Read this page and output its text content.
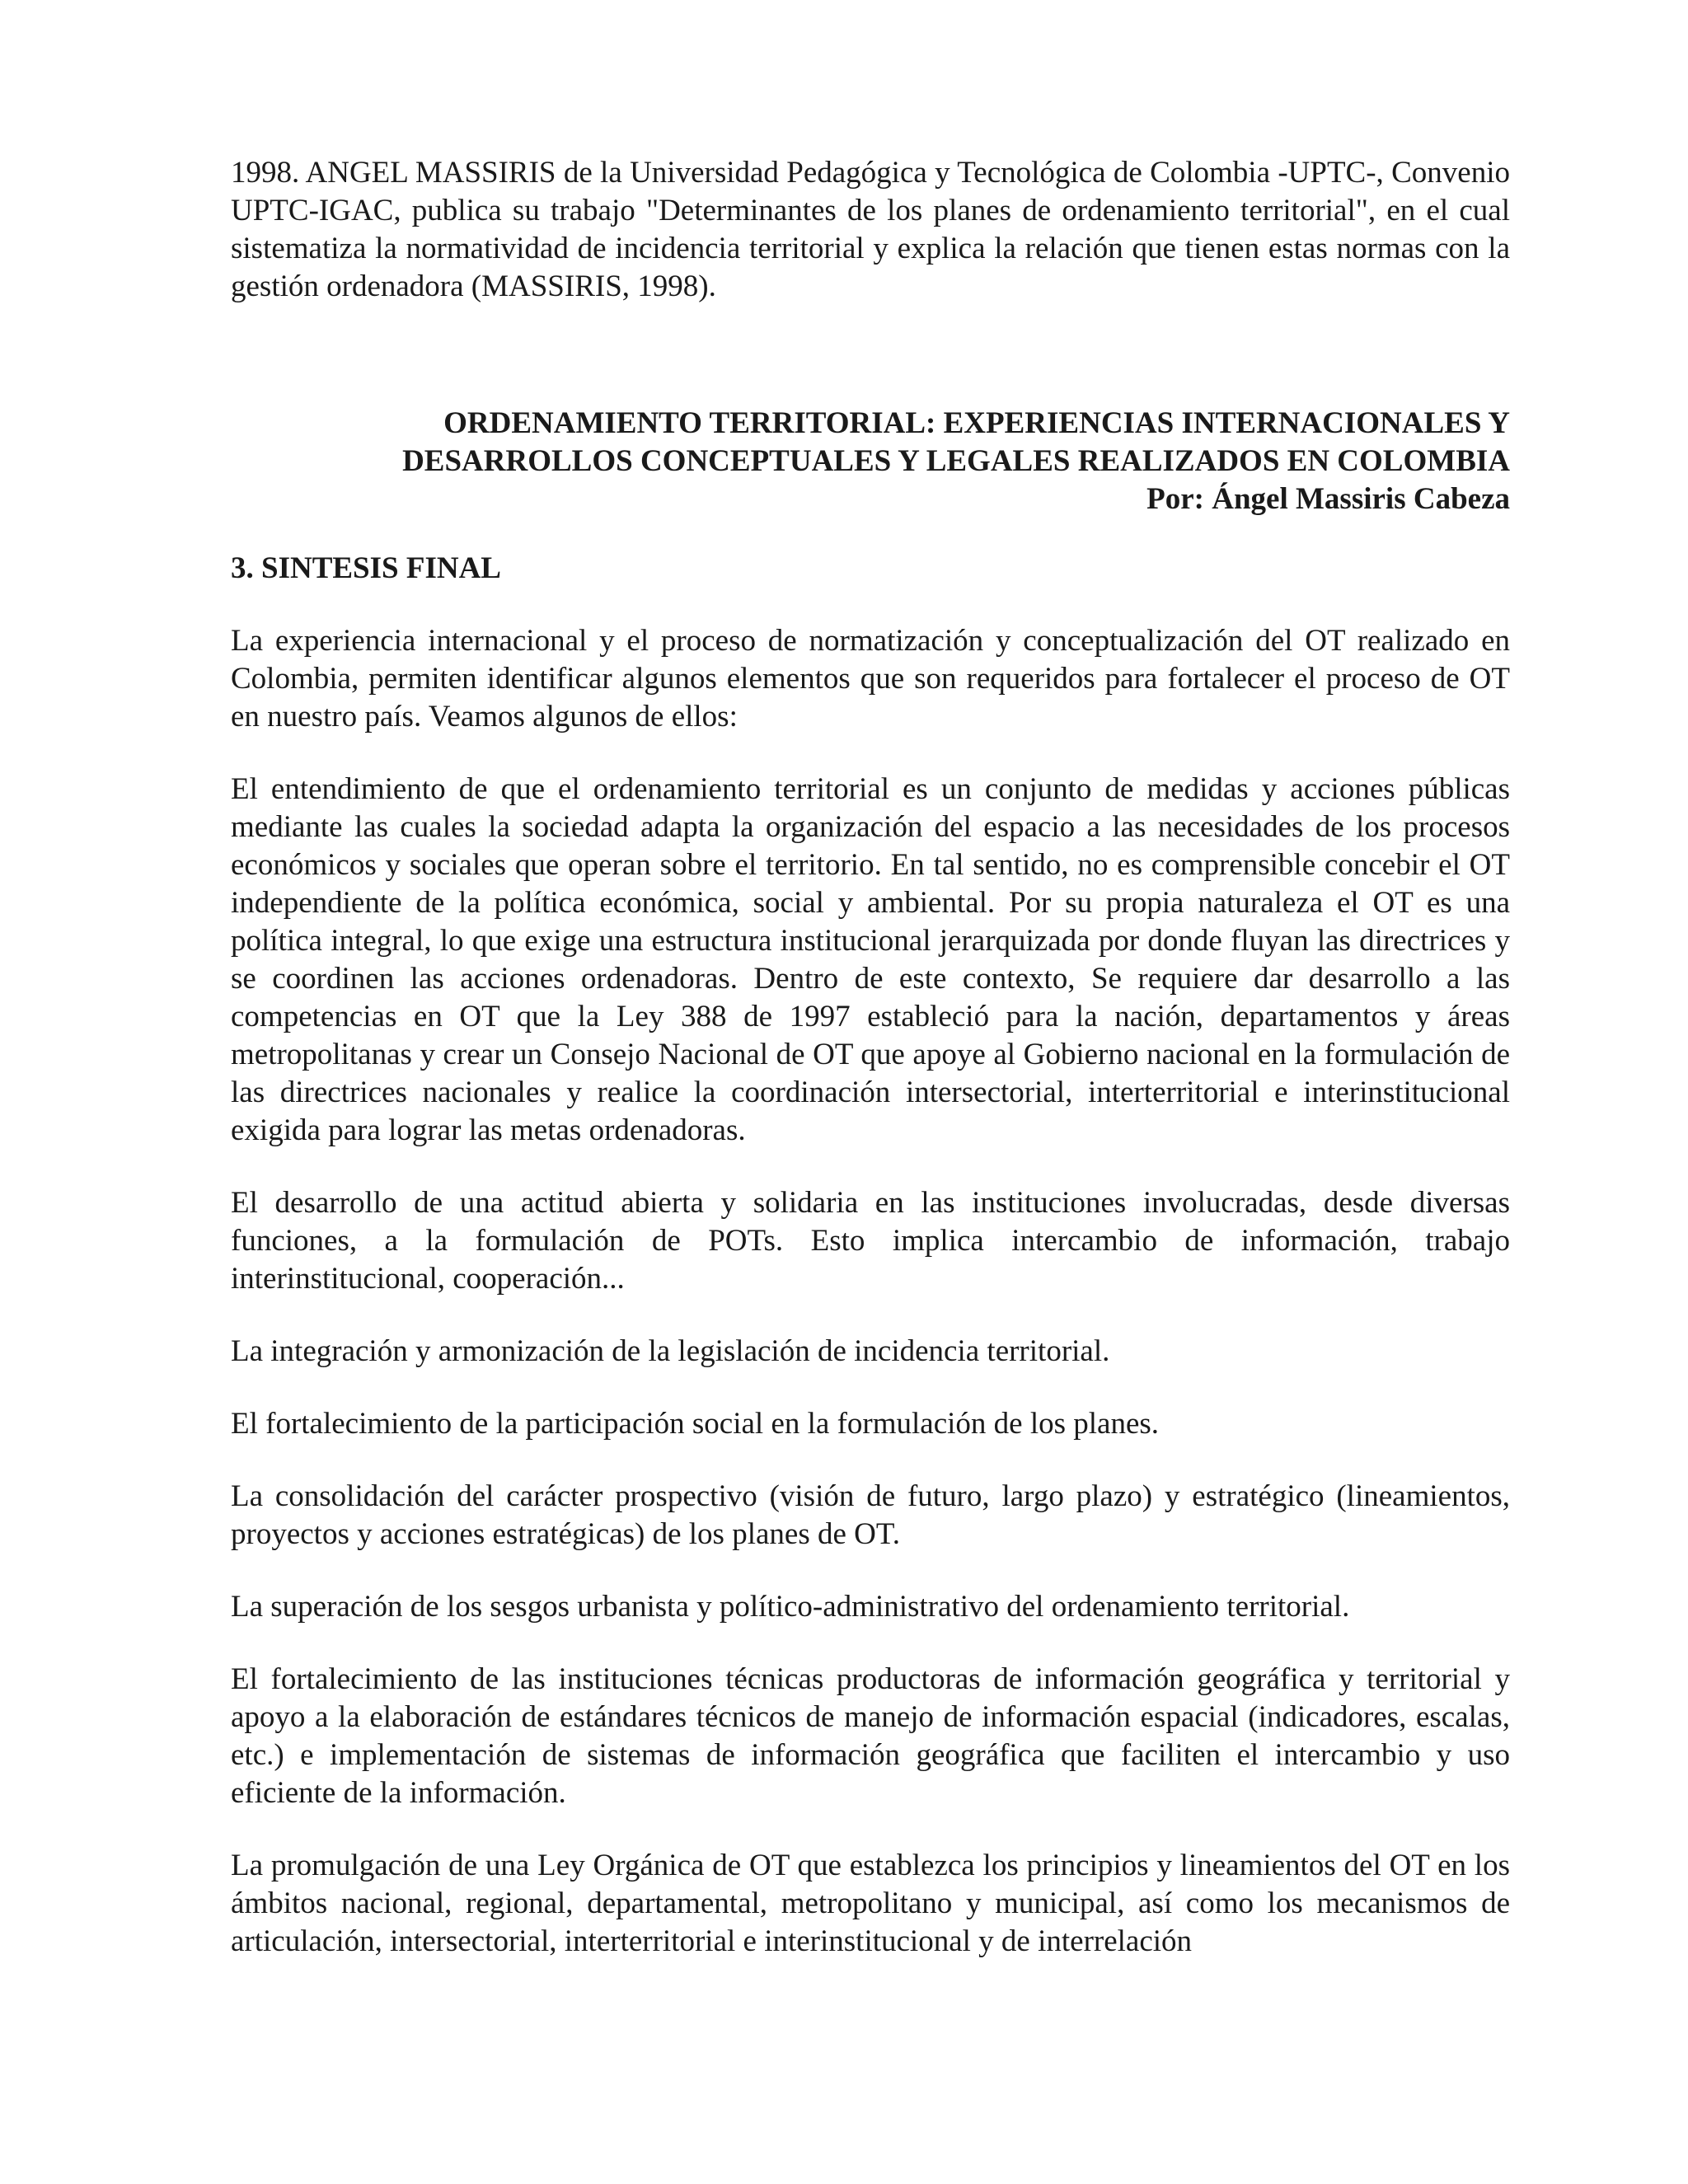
1998. ANGEL MASSIRIS de la Universidad Pedagógica y Tecnológica de Colombia -UPTC-, Convenio UPTC-IGAC, publica su trabajo "Determinantes de los planes de ordenamiento territorial", en el cual sistematiza la normatividad de incidencia territorial y explica la relación que tienen estas normas con la gestión ordenadora (MASSIRIS, 1998).

ORDENAMIENTO TERRITORIAL: EXPERIENCIAS INTERNACIONALES Y
DESARROLLOS CONCEPTUALES Y LEGALES REALIZADOS EN COLOMBIA
Por: Ángel Massiris Cabeza
3. SINTESIS FINAL

La experiencia internacional y el proceso de normatización y conceptualización del OT realizado en Colombia, permiten identificar algunos elementos que son requeridos para fortalecer el proceso de OT en nuestro país. Veamos algunos de ellos:

El entendimiento de que el ordenamiento territorial es un conjunto de medidas y acciones públicas mediante las cuales la sociedad adapta la organización del espacio a las necesidades de los procesos económicos y sociales que operan sobre el territorio. En tal sentido, no es comprensible concebir el OT independiente de la política económica, social y ambiental. Por su propia naturaleza el OT es una política integral, lo que exige una estructura institucional jerarquizada por donde fluyan las directrices y se coordinen las acciones ordenadoras. Dentro de este contexto, Se requiere dar desarrollo a las competencias en OT que la Ley 388 de 1997 estableció para la nación, departamentos y áreas metropolitanas y crear un Consejo Nacional de OT que apoye al Gobierno nacional en la formulación de las directrices nacionales y realice la coordinación intersectorial, interterritorial e interinstitucional exigida para lograr las metas ordenadoras.

El desarrollo de una actitud abierta y solidaria en las instituciones involucradas, desde diversas funciones, a la formulación de POTs. Esto implica intercambio de información, trabajo interinstitucional, cooperación...

La integración y armonización de la legislación de incidencia territorial.

El fortalecimiento de la participación social en la formulación de los planes.

La consolidación del carácter prospectivo (visión de futuro, largo plazo) y estratégico (lineamientos, proyectos y acciones estratégicas) de los planes de OT.

La superación de los sesgos urbanista y político-administrativo del ordenamiento territorial.

El fortalecimiento de las instituciones técnicas productoras de información geográfica y territorial y apoyo a la elaboración de estándares técnicos de manejo de información espacial (indicadores, escalas, etc.) e implementación de sistemas de información geográfica que faciliten el intercambio y uso eficiente de la información.

La promulgación de una Ley Orgánica de OT que establezca los principios y lineamientos del OT en los ámbitos nacional, regional, departamental, metropolitano y municipal, así como los mecanismos de articulación, intersectorial, interterritorial e interinstitucional y de interrelación
